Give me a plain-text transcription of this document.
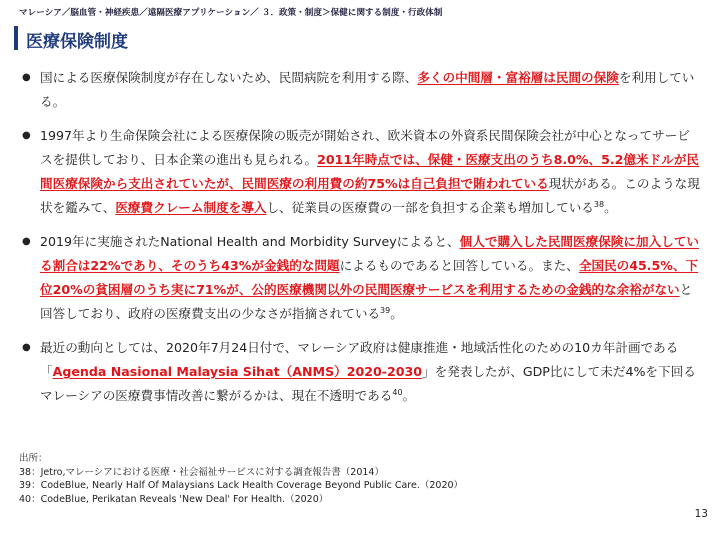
マレーシア／脳血管・神経疾患／遠隔医療アプリケーション／ ３．政策・制度＞保健に関する制度・行政体制
医療保険制度
● 国による医療保険制度が存在しないため、民間病院を利用する際、多くの中間層・富裕層は民間の保険を利用している。
● 1997年より生命保険会社による医療保険の販売が開始され、欧米資本の外資系民間保険会社が中心となってサービスを提供しており、日本企業の進出も見られる。2011年時点では、保健・医療支出のうち8.0%、5.2億米ドルが民間医療保険から支出されていたが、民間医療の利用費の約75%は自己負担で賄われている現状がある。このような現状を鑑みて、医療費クレーム制度を導入し、従業員の医療費の一部を負担する企業も増加している$^{38}$。
● 2019年に実施されたNational Health and Morbidity Surveyによると、個人で購入した民間医療保険に加入している割合は22%であり、そのうち43%が金銭的な問題によるものであると回答している。また、全国民の45.5%、下位20%の貧困層のうち実に71%が、公的医療機関以外の民間医療サービスを利用するための金銭的な余裕がないと回答しており、政府の医療費支出の少なさが指摘されている$^{39}$。
● 最近の動向としては、2020年7月24日付で、マレーシア政府は健康推進・地域活性化のための10カ年計画である「Agenda Nasional Malaysia Sihat（ANMS）2020-2030」を発表したが、GDP比にして未だ4%を下回るマレーシアの医療費事情改善に繋がるかは、現在不透明である$^{40}$。
出所：
38：Jetro,マレーシアにおける医療・社会福祉サービスに対する調査報告書（2014）
39：CodeBlue, Nearly Half Of Malaysians Lack Health Coverage Beyond Public Care.（2020）
40：CodeBlue, Perikatan Reveals 'New Deal' For Health.（2020）
13
